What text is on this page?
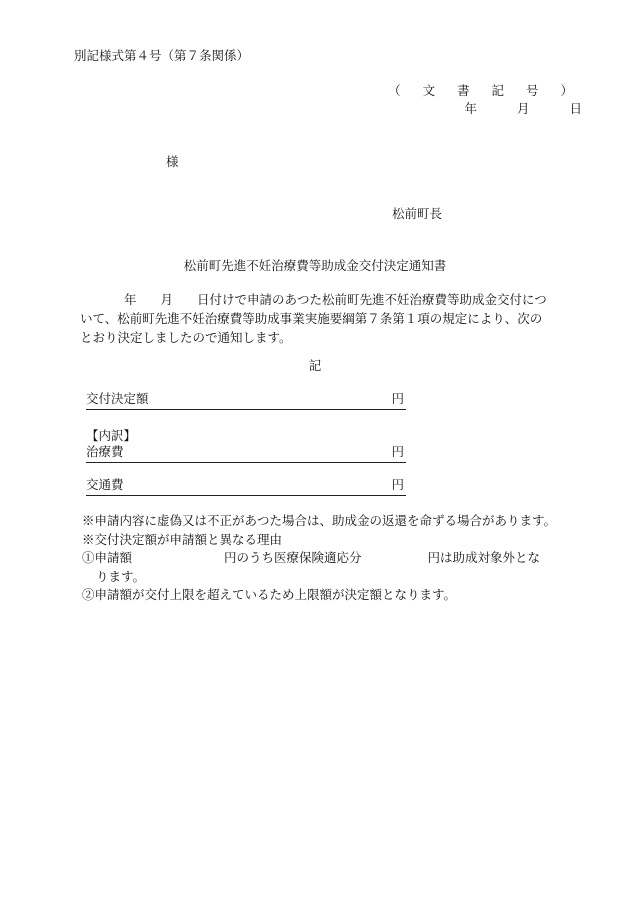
別記様式第４号（第７条関係）
（ 文 書 記 号 ）
年	月	日
様
松前町長
松前町先進不妊治療費等助成金交付決定通知書
年 月 日付けで申請のあつた松前町先進不妊治療費等助成金交付につ
いて、松前町先進不妊治療費等助成事業実施要綱第７条第１項の規定により、次の
とおり決定しましたので通知します。
記
交付決定額	円
【内訳】
治療費	円
交通費	円
※申請内容に虚偽又は不正があつた場合は、助成金の返還を命ずる場合があります。
※交付決定額が申請額と異なる理由
①申請額	円のうち医療保険適応分	円は助成対象外とな
ります。
②申請額が交付上限を超えているため上限額が決定額となります。
